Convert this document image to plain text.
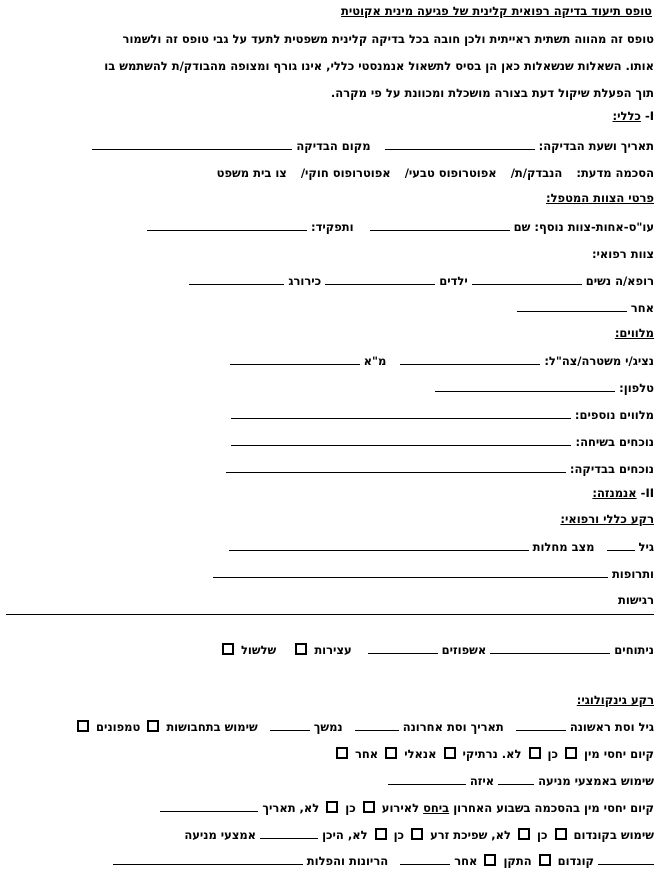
טופס תיעוד בדיקה רפואית קלינית של פגיעה מינית אקוטית
טופס זה מהווה תשתית ראייתית ולכן חובה בכל בדיקה קלינית משפטית לתעד על גבי טופס זה ולשמור
אותו. השאלות שנשאלות כאן הן בסיס לתשאול אנמנסטי כללי, אינו גורף ומצופה מהבודק/ת להשתמש בו
תוך הפעלת שיקול דעת בצורה מושכלת ומכוונת על פי מקרה.
I- כללי:
תאריך ושעת הבדיקה:   מקום הבדיקה
הסכמה מדעת:  הנבדק/ת/  אפוטרופוס טבעי/  אפוטרופוס חוקי/  צו בית משפט
פרטי הצוות המטפל:
עו"ס-אחות-צוות נוסף: שם   ותפקיד:
צוות רפואי:
רופא/ה נשים  ילדים  כירורג
אחר
מלווים:
נציג/י משטרה/צה"ל:   מ"א
טלפון:
מלווים נוספים:
נוכחים בשיחה:
נוכחים בבדיקה:
II- אנמנזה:
רקע כללי ורפואי:
גיל   מצב מחלות
ותרופות
רגישות
ניתוחים  אשפוזים   עצירות   שלשול
רקע גינקולוגי:
גיל וסת ראשונה   תאריך וסת אחרונה   נמשך   שימוש בתחבושות  טמפונים
קיום יחסי מין  כן  לא. נרתיקי  אנאלי  אחר
שימוש באמצעי מניעה  איזה
קיום יחסי מין בהסכמה בשבוע האחרון ביחס לאירוע  כן  לא, תאריך
שימוש בקונדום  כן  לא, שפיכת זרע  כן  לא, היכן  אמצעי מניעה
קונדום  התקן  אחר   הריונות והפלות
